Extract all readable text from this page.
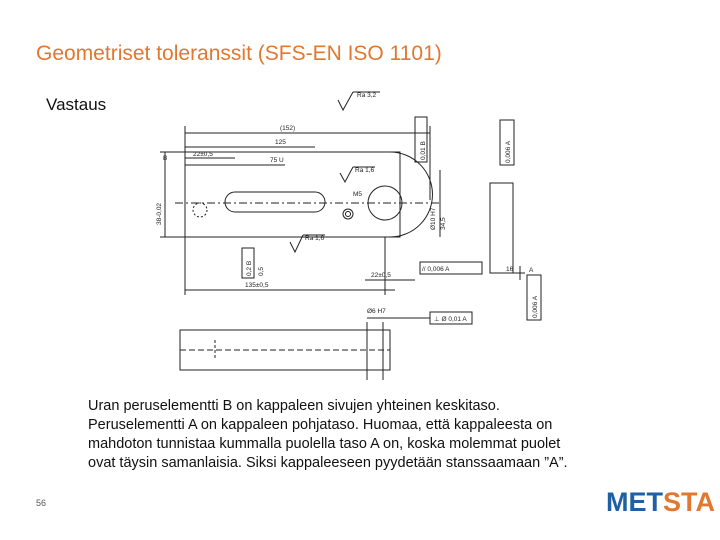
Geometriset toleranssit (SFS-EN ISO 1101)
Vastaus	Ra 3,2
Ra 1,6
Ra 1,6
(152)
125
22±0,5
75 U
135±0,5
22±0,5
M5
16
// 0,006 A
⊥ Ø 0,01 A
Ø6 H7
B
A
38-0,02
0,01 B
Ø10 H7 34,5
0,006 A
0,006 A
0,2 B 0,5
Uran peruselementti B on kappaleen sivujen yhteinen keskitaso.
Peruselementti A on kappaleen pohjataso. Huomaa, että kappaleesta on
mahdoton tunnistaa kummalla puolella taso A on, koska molemmat puolet
ovat täysin samanlaisia. Siksi kappaleeseen pyydetään stanssaamaan ”A”.
56	METSTA
